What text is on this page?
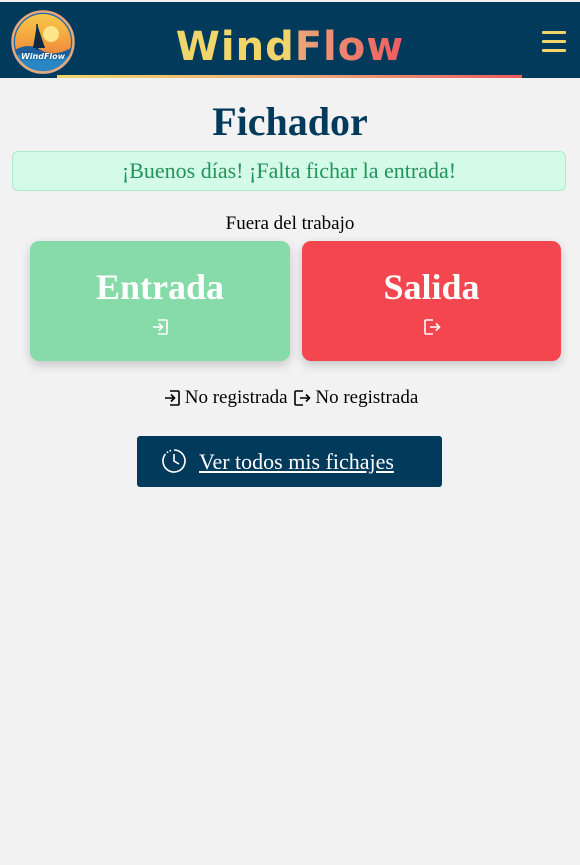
WindFlow	WindFlow
Fichador
¡Buenos días! ¡Falta fichar la entrada!
Fuera del trabajo
Entrada	Salida
No registrada
No registrada
Ver todos mis fichajes
